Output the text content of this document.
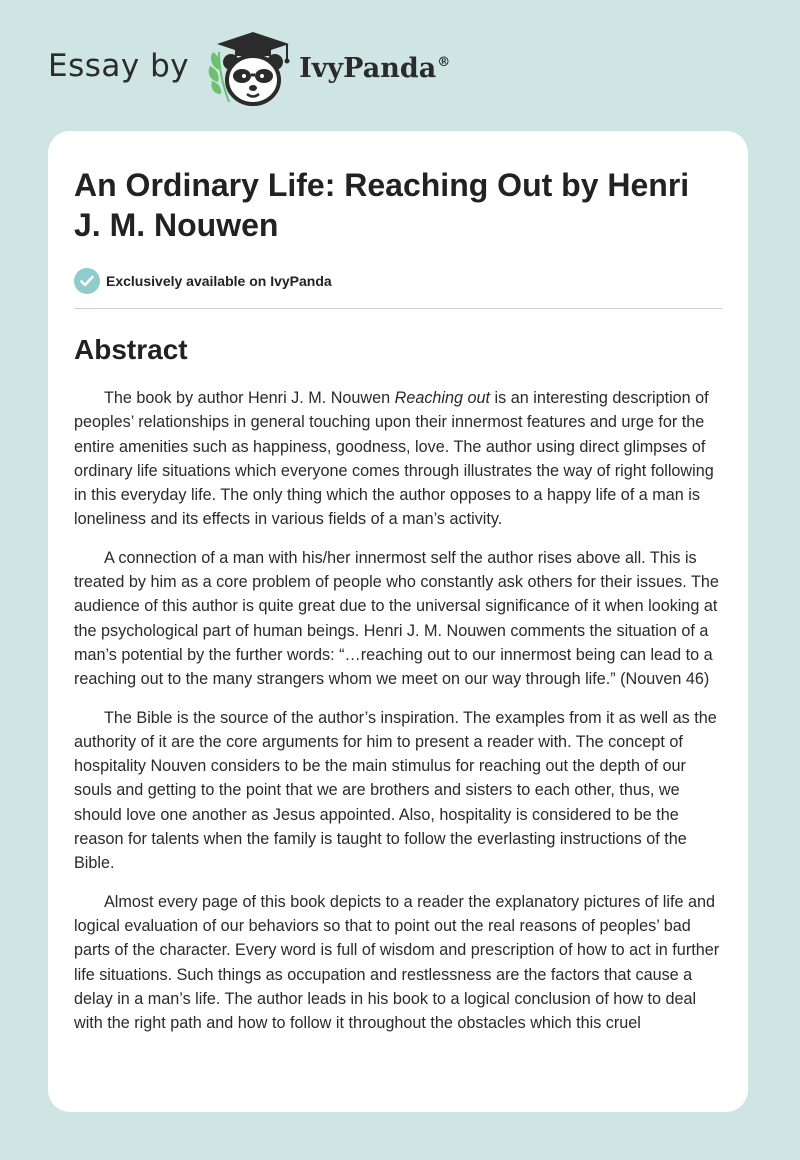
Essay by	IvyPanda®
An Ordinary Life: Reaching Out by Henri J. M. Nouwen
Exclusively available on IvyPanda
Abstract

The book by author Henri J. M. Nouwen Reaching out is an interesting description of peoples’ relationships in general touching upon their innermost features and urge for the entire amenities such as happiness, goodness, love. The author using direct glimpses of ordinary life situations which everyone comes through illustrates the way of right following in this everyday life. The only thing which the author opposes to a happy life of a man is loneliness and its effects in various fields of a man’s activity.

A connection of a man with his/her innermost self the author rises above all. This is treated by him as a core problem of people who constantly ask others for their issues. The audience of this author is quite great due to the universal significance of it when looking at the psychological part of human beings. Henri J. M. Nouwen comments the situation of a man’s potential by the further words: “…reaching out to our innermost being can lead to a reaching out to the many strangers whom we meet on our way through life.” (Nouven 46)

The Bible is the source of the author’s inspiration. The examples from it as well as the authority of it are the core arguments for him to present a reader with. The concept of hospitality Nouven considers to be the main stimulus for reaching out the depth of our souls and getting to the point that we are brothers and sisters to each other, thus, we should love one another as Jesus appointed. Also, hospitality is considered to be the reason for talents when the family is taught to follow the everlasting instructions of the Bible.

Almost every page of this book depicts to a reader the explanatory pictures of life and logical evaluation of our behaviors so that to point out the real reasons of peoples’ bad parts of the character. Every word is full of wisdom and prescription of how to act in further life situations. Such things as occupation and restlessness are the factors that cause a delay in a man’s life. The author leads in his book to a logical conclusion of how to deal with the right path and how to follow it throughout the obstacles which this cruel
